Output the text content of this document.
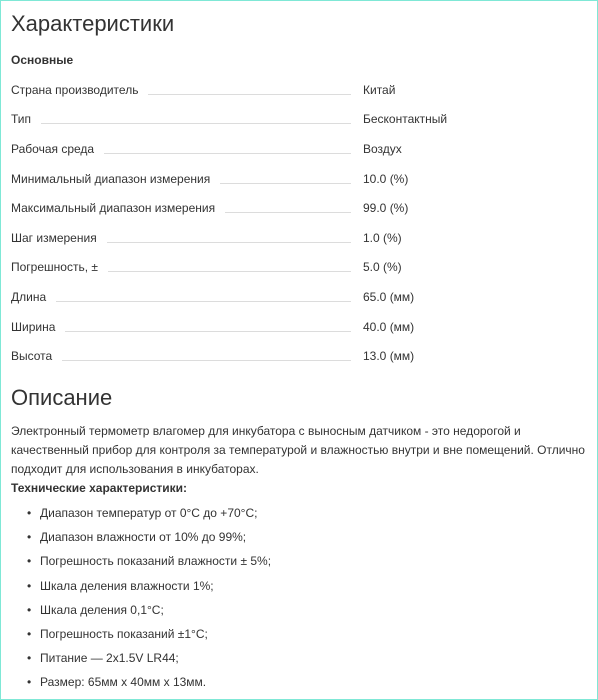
Характеристики
Основные
Страна производитель	Китай
Тип	Бесконтактный
Рабочая среда	Воздух
Минимальный диапазон измерения	10.0 (%)
Максимальный диапазон измерения	99.0 (%)
Шаг измерения	1.0 (%)
Погрешность, ±	5.0 (%)
Длина	65.0 (мм)
Ширина	40.0 (мм)
Высота	13.0 (мм)
Описание

Электронный термометр влагомер для инкубатора с выносным датчиком - это недорогой и качественный прибор для контроля за температурой и влажностью внутри и вне помещений. Отлично подходит для использования в инкубаторах.

Технические характеристики:
• Диапазон температур от 0°С до +70°С;
• Диапазон влажности от 10% до 99%;
• Погрешность показаний влажности ± 5%;
• Шкала деления влажности 1%;
• Шкала деления 0,1°С;
• Погрешность показаний ±1°С;
• Питание — 2х1.5V LR44;
• Размер: 65мм х 40мм х 13мм.
